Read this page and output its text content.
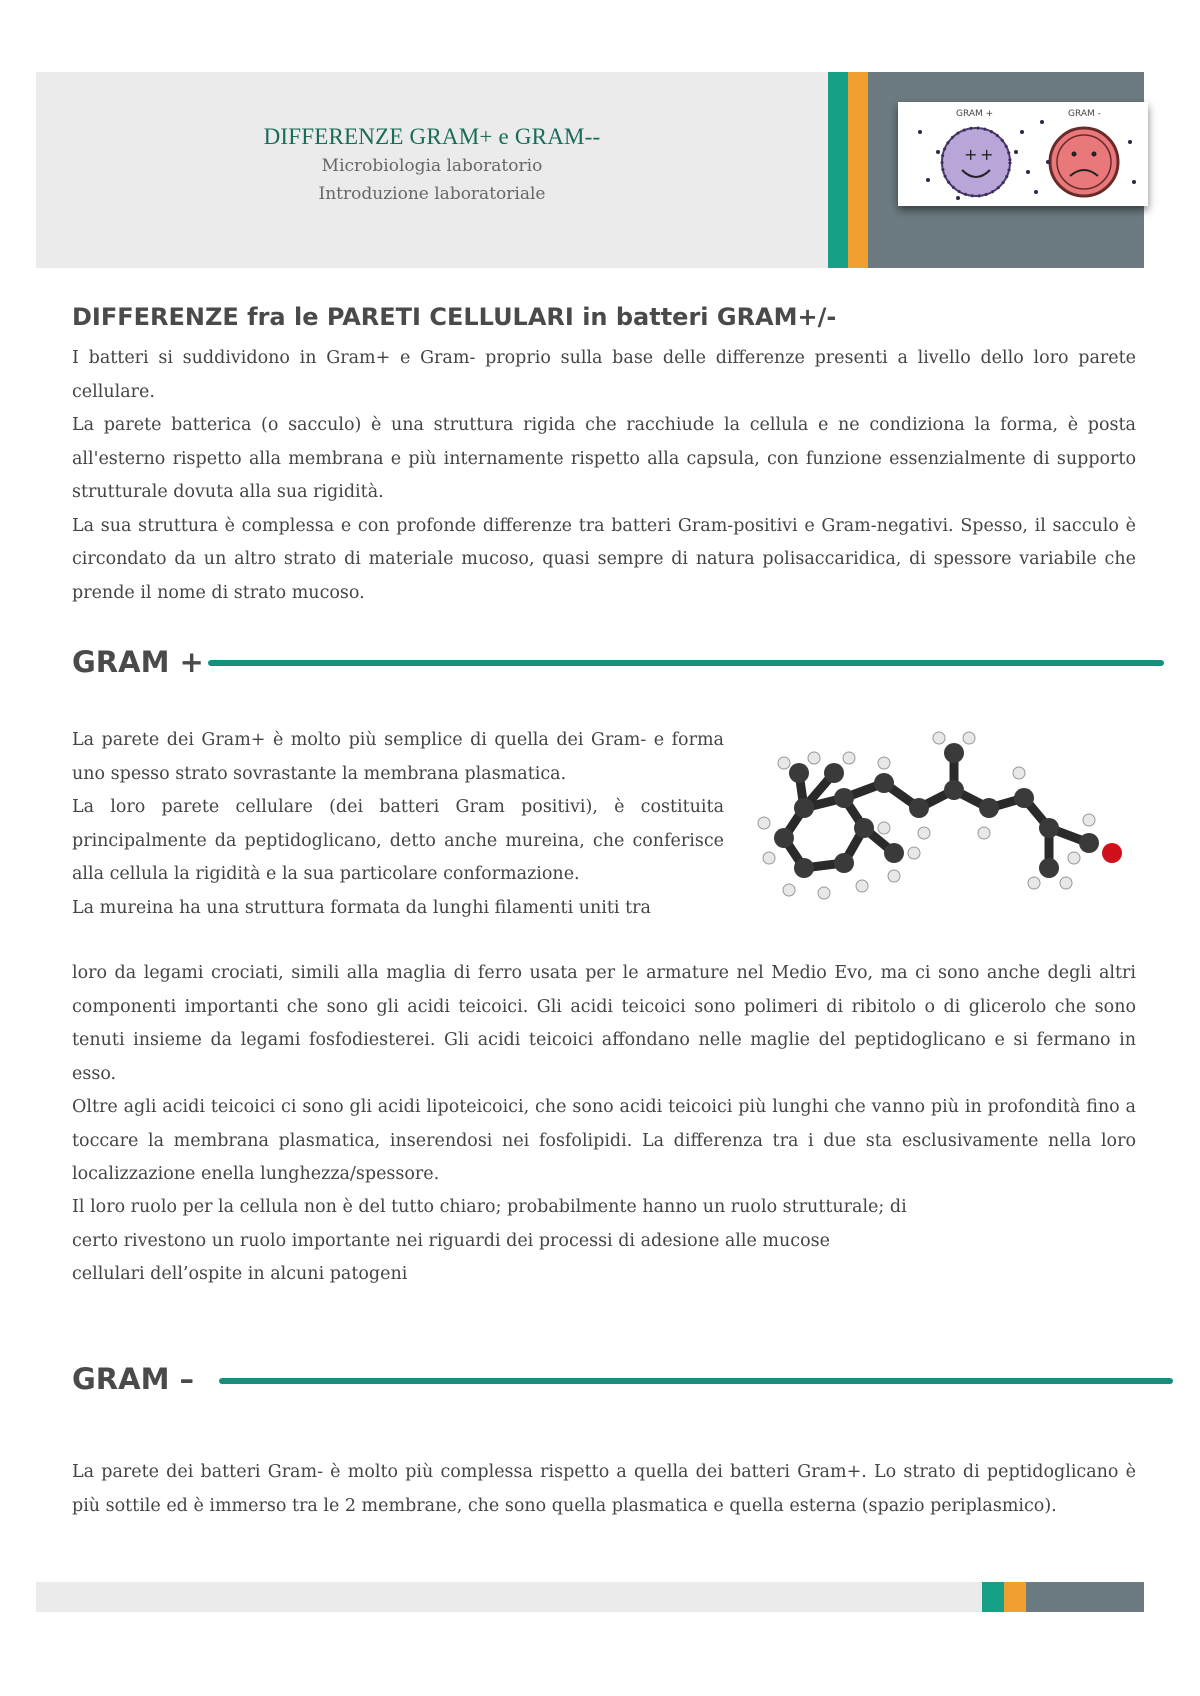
DIFFERENZE GRAM+ e GRAM--
Microbiologia laboratorio
Introduzione laboratoriale
+ +
GRAM +	GRAM -
DIFFERENZE fra le PARETI CELLULARI in batteri GRAM+/-

I batteri si suddividono in Gram+ e Gram- proprio sulla base delle differenze presenti a livello dello loro parete cellulare.

La parete batterica (o sacculo) è una struttura rigida che racchiude la cellula e ne condiziona la forma, è posta all'esterno rispetto alla membrana e più internamente rispetto alla capsula, con funzione essenzialmente di supporto strutturale dovuta alla sua rigidità.

La sua struttura è complessa e con profonde differenze tra batteri Gram-positivi e Gram-negativi. Spesso, il sacculo è circondato da un altro strato di materiale mucoso, quasi sempre di natura polisaccaridica, di spessore variabile che prende il nome di strato mucoso.

GRAM +

La parete dei Gram+ è molto più semplice di quella dei Gram- e forma uno spesso strato sovrastante la membrana plasmatica.

La loro parete cellulare (dei batteri Gram positivi), è costituita principalmente da peptidoglicano, detto anche mureina, che conferisce alla cellula la rigidità e la sua particolare conformazione.

La mureina ha una struttura formata da lunghi filamenti uniti tra

loro da legami crociati, simili alla maglia di ferro usata per le armature nel Medio Evo, ma ci sono anche degli altri componenti importanti che sono gli acidi teicoici. Gli acidi teicoici sono polimeri di ribitolo o di glicerolo che sono tenuti insieme da legami fosfodiesterei. Gli acidi teicoici affondano nelle maglie del peptidoglicano e si fermano in esso.

Oltre agli acidi teicoici ci sono gli acidi lipoteicoici, che sono acidi teicoici più lunghi che vanno più in profondità fino a toccare la membrana plasmatica, inserendosi nei fosfolipidi. La differenza tra i due sta esclusivamente nella loro localizzazione enella lunghezza/spessore.

Il loro ruolo per la cellula non è del tutto chiaro; probabilmente hanno un ruolo strutturale; di

certo rivestono un ruolo importante nei riguardi dei processi di adesione alle mucose

cellulari dell’ospite in alcuni patogeni

GRAM –

La parete dei batteri Gram- è molto più complessa rispetto a quella dei batteri Gram+. Lo strato di peptidoglicano è più sottile ed è immerso tra le 2 membrane, che sono quella plasmatica e quella esterna (spazio periplasmico).
